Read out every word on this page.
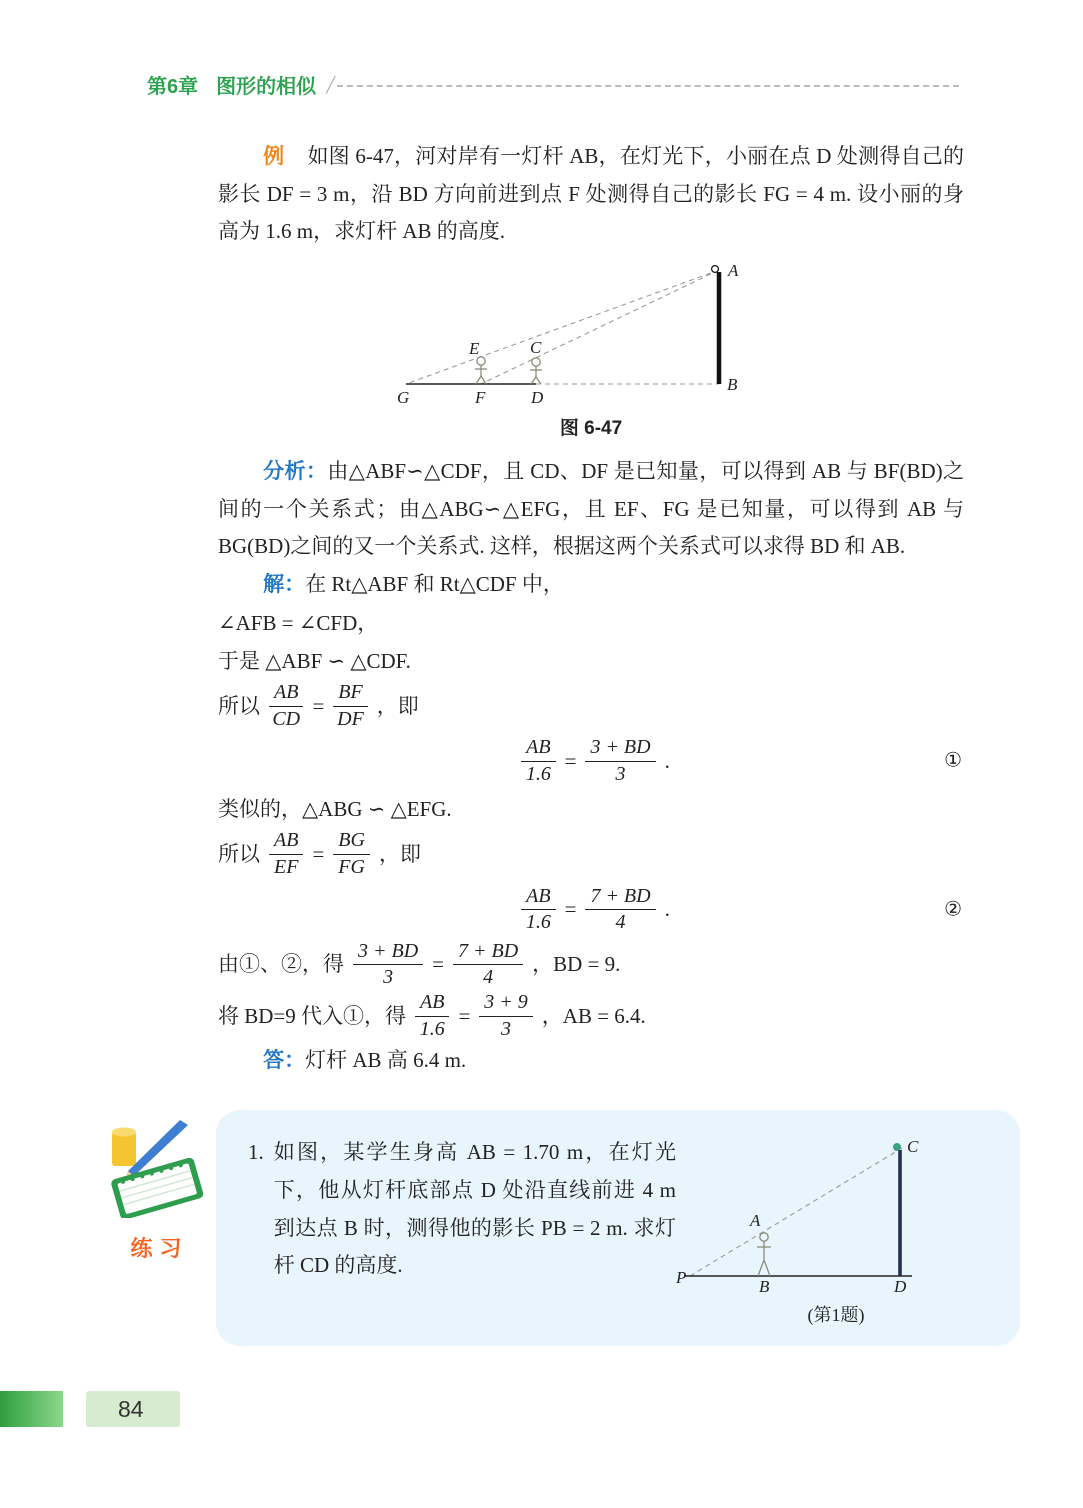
第6章 图形的相似 ╱

例 如图 6-47，河对岸有一灯杆 AB，在灯光下，小丽在点 D 处测得自己的影长 DF = 3 m，沿 BD 方向前进到点 F 处测得自己的影长 FG = 4 m. 设小丽的身高为 1.6 m，求灯杆 AB 的高度.

A
B
E	C
G	F	D
图 6-47

分析：由△ABF∽△CDF，且 CD、DF 是已知量，可以得到 AB 与 BF(BD)之间的一个关系式；由△ABG∽△EFG，且 EF、FG 是已知量，可以得到 AB 与 BG(BD)之间的又一个关系式. 这样，根据这两个关系式可以求得 BD 和 AB.

解：在 Rt△ABF 和 Rt△CDF 中，

∠AFB = ∠CFD，

于是 △ABF ∽ △CDF.

所以 $\frac{AB}{CD} = \frac{BF}{DF}$ ，即

$\frac{AB}{1.6} = \frac{3 + BD}{3}$ .	①

类似的，△ABG ∽ △EFG.

所以 $\frac{AB}{EF} = \frac{BG}{FG}$ ，即

$\frac{AB}{1.6} = \frac{7 + BD}{4}$ .	②

由①、②，得 $\frac{3 + BD}{3} = \frac{7 + BD}{4}$ ，BD = 9.

将 BD=9 代入①，得 $\frac{AB}{1.6} = \frac{3 + 9}{3}$ ，AB = 6.4.

答：灯杆 AB 高 6.4 m.

练习
1. 如图，某学生身高 AB = 1.70 m，在灯光下，他从灯杆底部点 D 处沿直线前进 4 m 到达点 B 时，测得他的影长 PB = 2 m. 求灯杆 CD 的高度.
P	B	D
A
C
(第1题)
84
